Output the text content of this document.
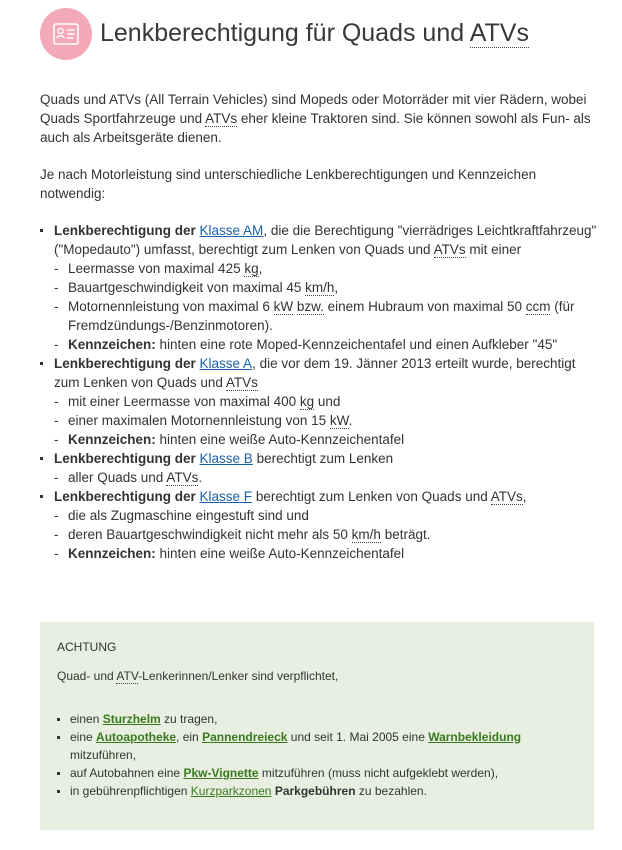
Lenkberechtigung für Quads und ATVs

Quads und ATVs (All Terrain Vehicles) sind Mopeds oder Motorräder mit vier Rädern, wobei Quads Sportfahrzeuge und ATVs eher kleine Traktoren sind. Sie können sowohl als Fun- als auch als Arbeitsgeräte dienen.

Je nach Motorleistung sind unterschiedliche Lenkberechtigungen und Kennzeichen notwendig:

Lenkberechtigung der Klasse AM, die die Berechtigung "vierrädriges Leichtkraftfahrzeug" ("Mopedauto") umfasst, berechtigt zum Lenken von Quads und ATVs mit einer
- Leermasse von maximal 425 kg,
- Bauartgeschwindigkeit von maximal 45 km/h,
- Motornennleistung von maximal 6 kW bzw. einem Hubraum von maximal 50 ccm (für Fremdzündungs-/Benzinmotoren).
- Kennzeichen: hinten eine rote Moped-Kennzeichentafel und einen Aufkleber "45"
Lenkberechtigung der Klasse A, die vor dem 19. Jänner 2013 erteilt wurde, berechtigt zum Lenken von Quads und ATVs
- mit einer Leermasse von maximal 400 kg und
- einer maximalen Motornennleistung von 15 kW.
- Kennzeichen: hinten eine weiße Auto-Kennzeichentafel
Lenkberechtigung der Klasse B berechtigt zum Lenken
- aller Quads und ATVs.
Lenkberechtigung der Klasse F berechtigt zum Lenken von Quads und ATVs,
- die als Zugmaschine eingestuft sind und
- deren Bauartgeschwindigkeit nicht mehr als 50 km/h beträgt.
- Kennzeichen: hinten eine weiße Auto-Kennzeichentafel
ACHTUNG
Quad- und ATV-Lenkerinnen/Lenker sind verpflichtet,
einen Sturzhelm zu tragen,
eine Autoapotheke, ein Pannendreieck und seit 1. Mai 2005 eine Warnbekleidung mitzuführen,
auf Autobahnen eine Pkw-Vignette mitzuführen (muss nicht aufgeklebt werden),
in gebührenpflichtigen Kurzparkzonen Parkgebühren zu bezahlen.
